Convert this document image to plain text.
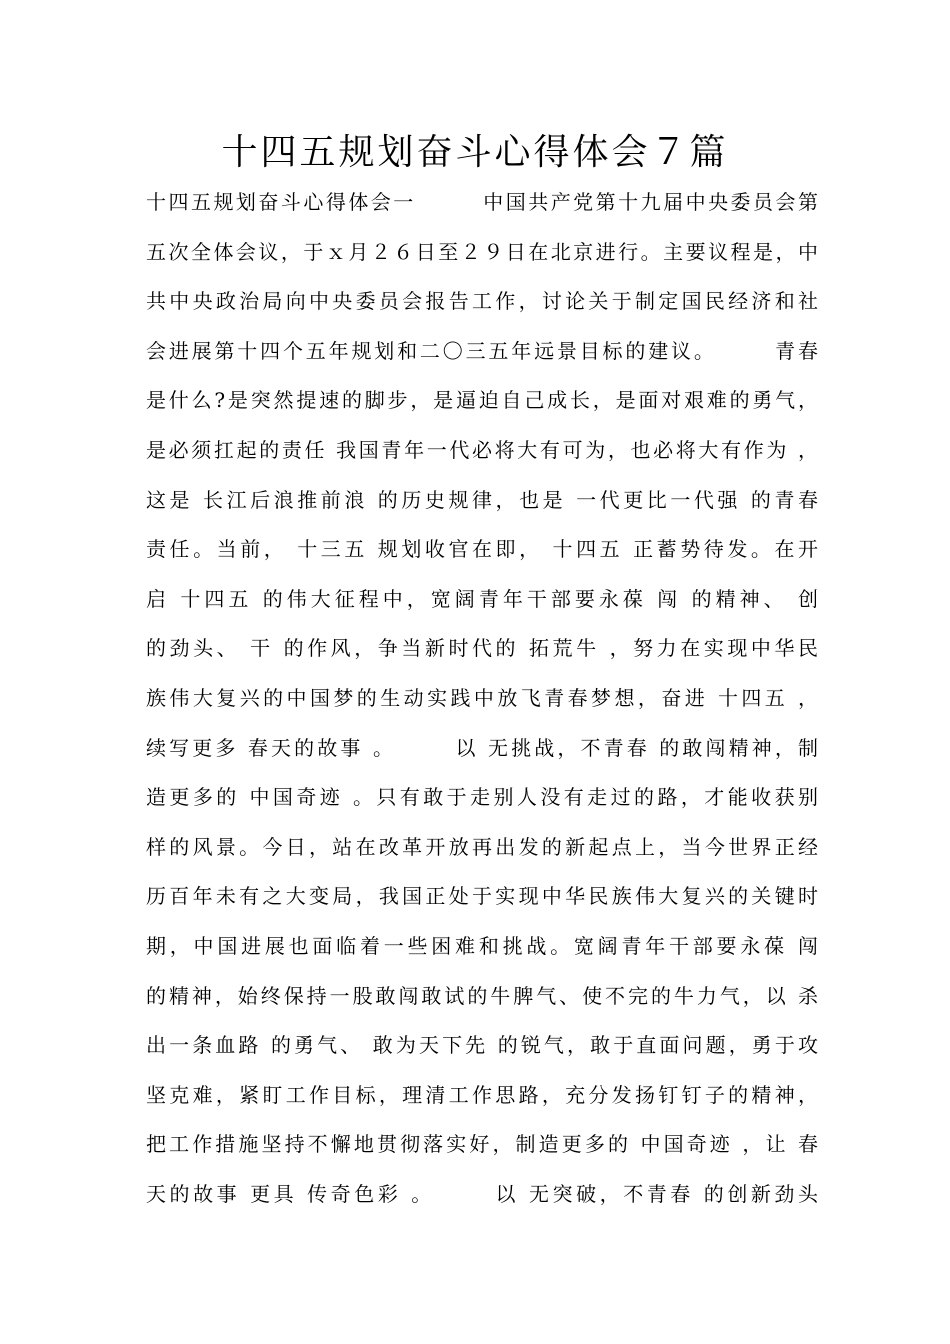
十四五规划奋斗心得体会７篇
十四五规划奋斗心得体会一　　　中国共产党第十九届中央委员会第
五次全体会议，于ｘ月２６日至２９日在北京进行。主要议程是，中
共中央政治局向中央委员会报告工作，讨论关于制定国民经济和社
会进展第十四个五年规划和二〇三五年远景目标的建议。　　　青春
是什么?是突然提速的脚步，是逼迫自己成长，是面对艰难的勇气，
是必须扛起的责任 我国青年一代必将大有可为，也必将大有作为 ，
这是 长江后浪推前浪 的历史规律，也是 一代更比一代强 的青春
责任。当前， 十三五 规划收官在即， 十四五 正蓄势待发。在开
启 十四五 的伟大征程中，宽阔青年干部要永葆 闯 的精神、 创
的劲头、 干 的作风，争当新时代的 拓荒牛 ，努力在实现中华民
族伟大复兴的中国梦的生动实践中放飞青春梦想，奋进 十四五 ，
续写更多 春天的故事 。　　　以 无挑战，不青春 的敢闯精神，制
造更多的 中国奇迹 。只有敢于走别人没有走过的路，才能收获别
样的风景。今日，站在改革开放再出发的新起点上，当今世界正经
历百年未有之大变局，我国正处于实现中华民族伟大复兴的关键时
期，中国进展也面临着一些困难和挑战。宽阔青年干部要永葆 闯
的精神，始终保持一股敢闯敢试的牛脾气、使不完的牛力气，以 杀
出一条血路 的勇气、 敢为天下先 的锐气，敢于直面问题，勇于攻
坚克难，紧盯工作目标，理清工作思路，充分发扬钉钉子的精神，
把工作措施坚持不懈地贯彻落实好，制造更多的 中国奇迹 ，让 春
天的故事 更具 传奇色彩 。　　　以 无突破，不青春 的创新劲头
